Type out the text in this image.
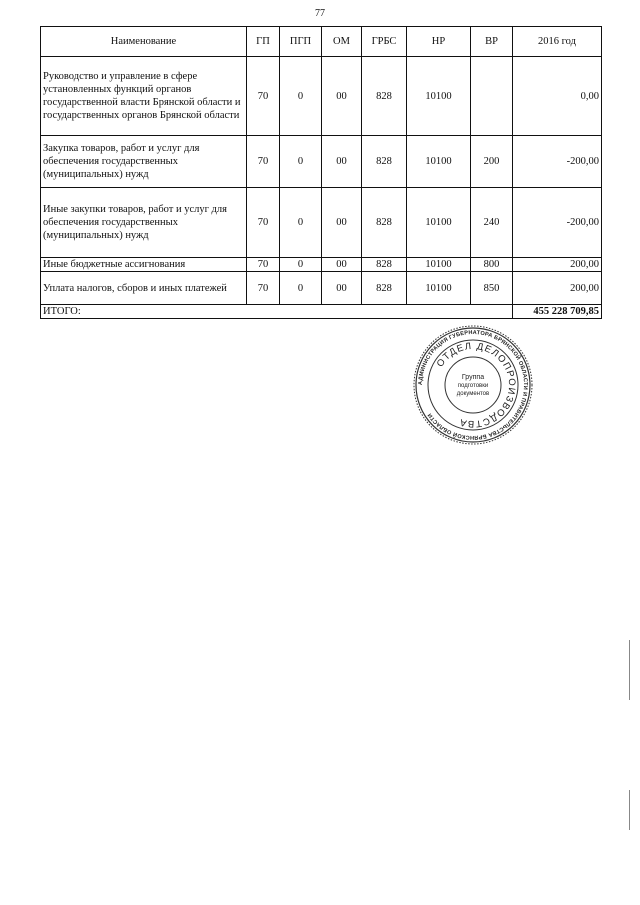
77
Наименование	ГП	ПГП	ОМ	ГРБС	НР	ВР	2016 год
Руководство и управление в сфере установленных функций органов государственной власти Брянской области и государственных органов Брянской области	70	0	00	828	10100		0,00
Закупка товаров, работ и услуг для обеспечения государственных (муниципальных) нужд	70	0	00	828	10100	200	-200,00
Иные закупки товаров, работ и услуг для обеспечения государственных (муниципальных) нужд	70	0	00	828	10100	240	-200,00
Иные бюджетные ассигнования	70	0	00	828	10100	800	200,00
Уплата налогов, сборов и иных платежей	70	0	00	828	10100	850	200,00
ИТОГО:							455 228 709,85
АДМИНИСТРАЦИЯ ГУБЕРНАТОРА БРЯНСКОЙ ОБЛАСТИ И ПРАВИТЕЛЬСТВА БРЯНСКОЙ ОБЛАСТИ
ОТДЕЛ ДЕЛОПРОИЗВОДСТВА
Группа
подготовки
документов
